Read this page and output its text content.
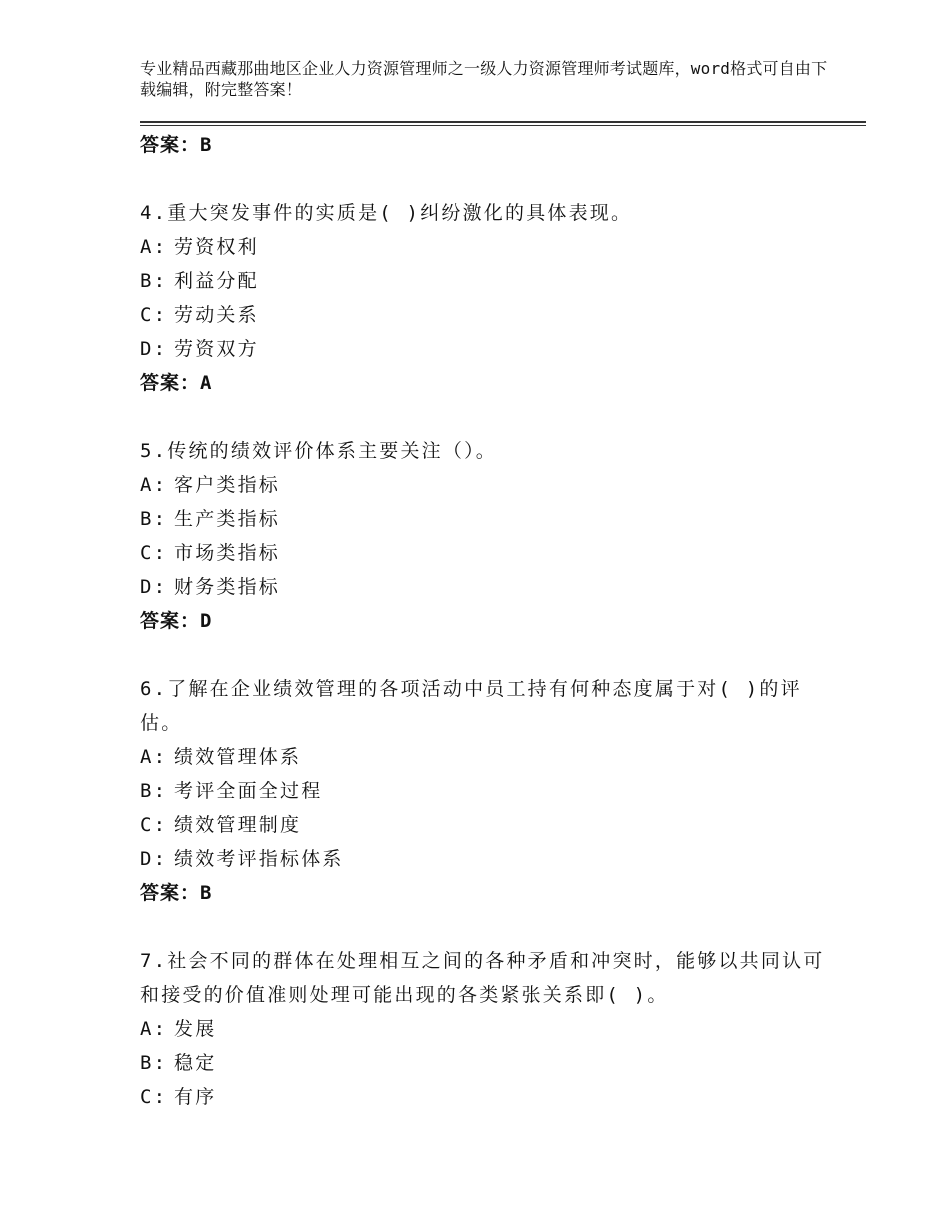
专业精品西藏那曲地区企业人力资源管理师之一级人力资源管理师考试题库，word格式可自由下载编辑，附完整答案！
答案：B
4.重大突发事件的实质是( )纠纷激化的具体表现。
A: 劳资权利
B: 利益分配
C: 劳动关系
D: 劳资双方
答案：A
5.传统的绩效评价体系主要关注（）。
A: 客户类指标
B: 生产类指标
C: 市场类指标
D: 财务类指标
答案：D
6.了解在企业绩效管理的各项活动中员工持有何种态度属于对( )的评估。
A: 绩效管理体系
B: 考评全面全过程
C: 绩效管理制度
D: 绩效考评指标体系
答案：B
7.社会不同的群体在处理相互之间的各种矛盾和冲突时，能够以共同认可和接受的价值准则处理可能出现的各类紧张关系即( )。
A: 发展
B: 稳定
C: 有序
